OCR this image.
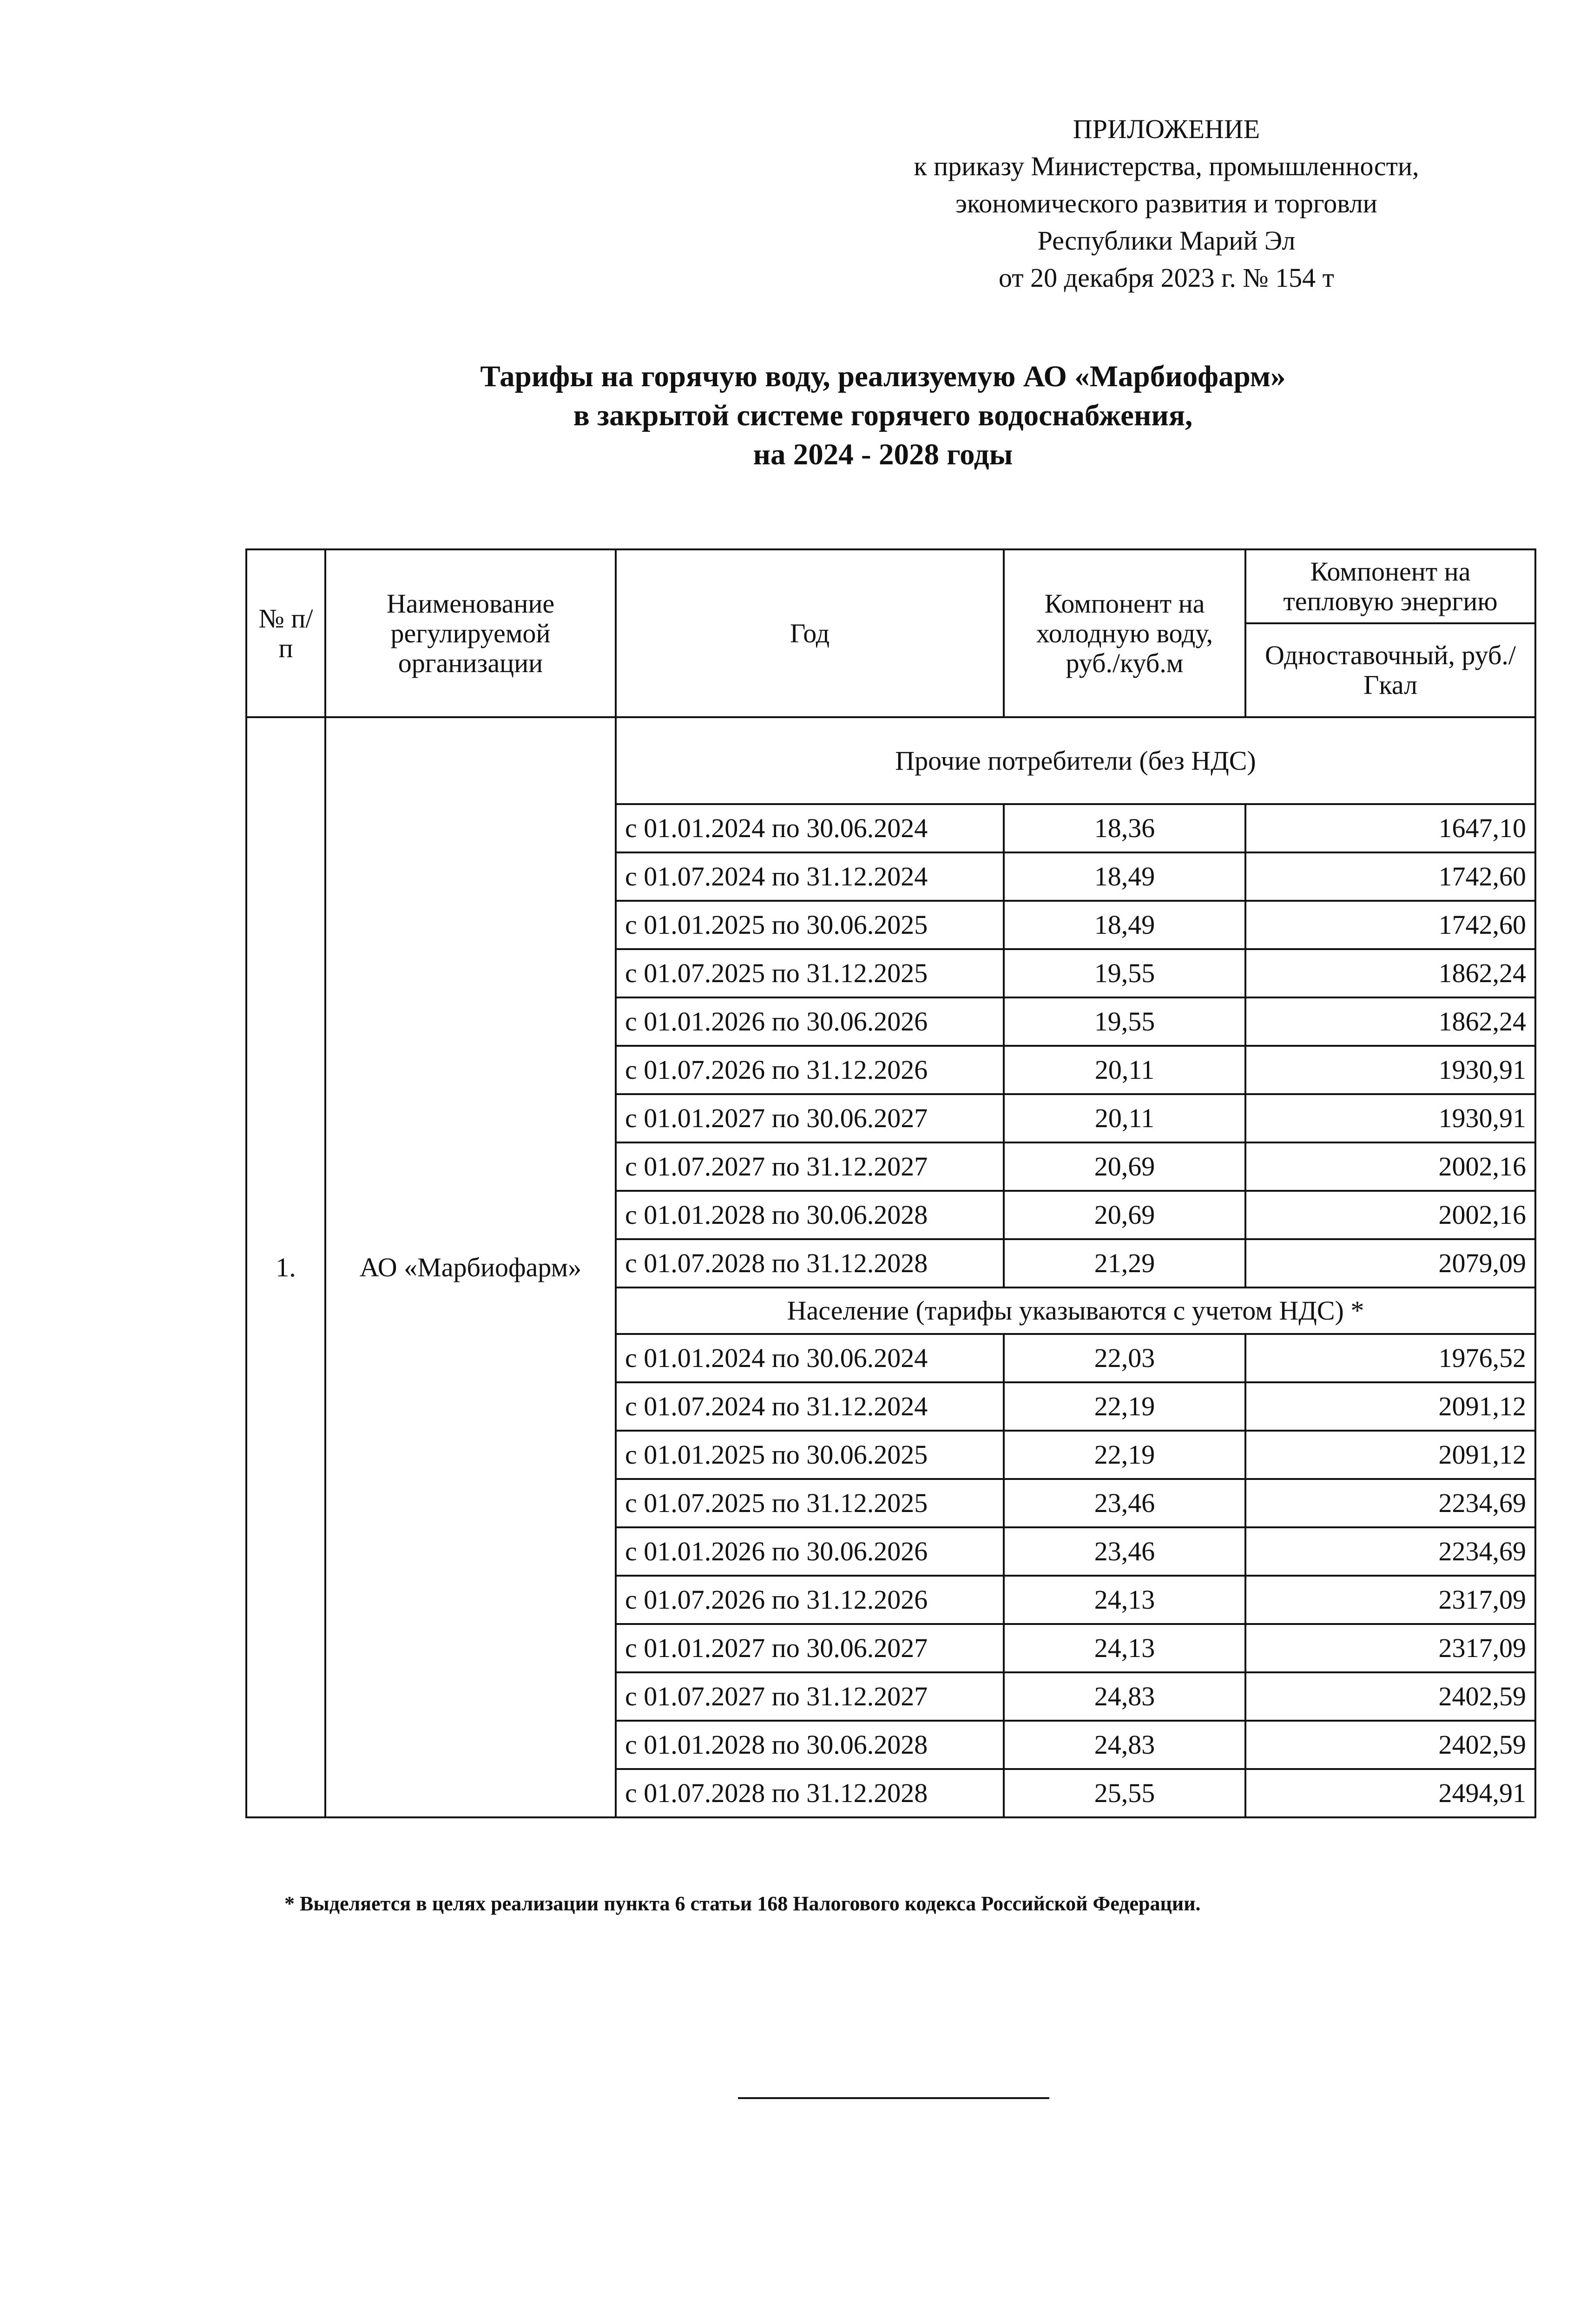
ПРИЛОЖЕНИЕ
к приказу Министерства, промышленности,
экономического развития и торговли
Республики Марий Эл
от 20 декабря 2023 г. № 154 т
Тарифы на горячую воду, реализуемую АО «Марбиофарм»
в закрытой системе горячего водоснабжения,
на 2024 - 2028 годы
№ п/п	Наименование регулируемой организации	Год	Компонент на холодную воду, руб./куб.м	Компонент на тепловую энергию
				Одноставочный, руб./Гкал
1.	АО «Марбиофарм»	Прочие потребители (без НДС)		
		с 01.01.2024 по 30.06.2024	18,36	1647,10
		с 01.07.2024 по 31.12.2024	18,49	1742,60
		с 01.01.2025 по 30.06.2025	18,49	1742,60
		с 01.07.2025 по 31.12.2025	19,55	1862,24
		с 01.01.2026 по 30.06.2026	19,55	1862,24
		с 01.07.2026 по 31.12.2026	20,11	1930,91
		с 01.01.2027 по 30.06.2027	20,11	1930,91
		с 01.07.2027 по 31.12.2027	20,69	2002,16
		с 01.01.2028 по 30.06.2028	20,69	2002,16
		с 01.07.2028 по 31.12.2028	21,29	2079,09
		Население (тарифы указываются с учетом НДС) *		
		с 01.01.2024 по 30.06.2024	22,03	1976,52
		с 01.07.2024 по 31.12.2024	22,19	2091,12
		с 01.01.2025 по 30.06.2025	22,19	2091,12
		с 01.07.2025 по 31.12.2025	23,46	2234,69
		с 01.01.2026 по 30.06.2026	23,46	2234,69
		с 01.07.2026 по 31.12.2026	24,13	2317,09
		с 01.01.2027 по 30.06.2027	24,13	2317,09
		с 01.07.2027 по 31.12.2027	24,83	2402,59
		с 01.01.2028 по 30.06.2028	24,83	2402,59
		с 01.07.2028 по 31.12.2028	25,55	2494,91
* Выделяется в целях реализации пункта 6 статьи 168 Налогового кодекса Российской Федерации.
